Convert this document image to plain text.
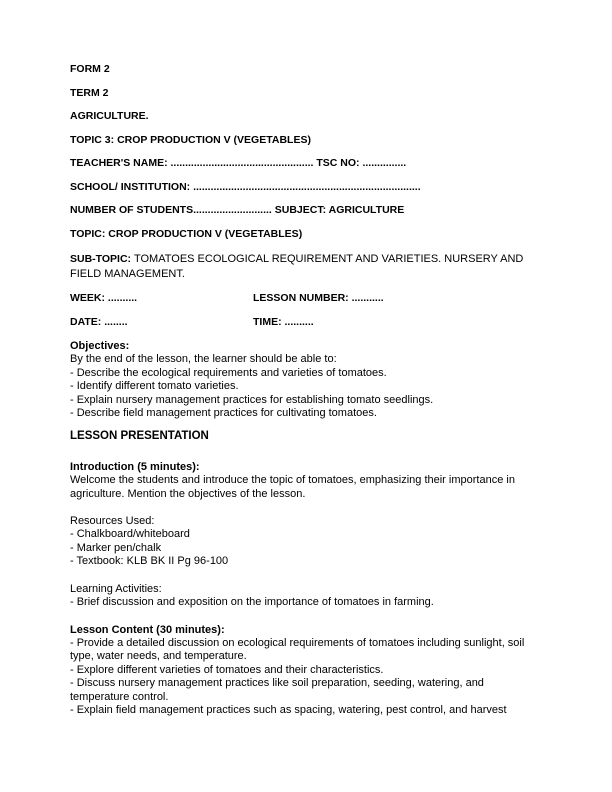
FORM 2

TERM 2

AGRICULTURE.

TOPIC 3: CROP PRODUCTION V (VEGETABLES)

TEACHER'S NAME: ................................................. TSC NO: ...............

SCHOOL/ INSTITUTION: ..............................................................................

NUMBER OF STUDENTS........................... SUBJECT: AGRICULTURE

TOPIC: CROP PRODUCTION V (VEGETABLES)

SUB-TOPIC: TOMATOES ECOLOGICAL REQUIREMENT AND VARIETIES. NURSERY AND FIELD MANAGEMENT.

WEEK: ..........	LESSON NUMBER: ...........

DATE: ........	TIME: ..........

Objectives:

By the end of the lesson, the learner should be able to:

- Describe the ecological requirements and varieties of tomatoes.

- Identify different tomato varieties.

- Explain nursery management practices for establishing tomato seedlings.

- Describe field management practices for cultivating tomatoes.

LESSON PRESENTATION

Introduction (5 minutes):

Welcome the students and introduce the topic of tomatoes, emphasizing their importance in agriculture. Mention the objectives of the lesson.

Resources Used:

- Chalkboard/whiteboard

- Marker pen/chalk

- Textbook: KLB BK II Pg 96-100

Learning Activities:

- Brief discussion and exposition on the importance of tomatoes in farming.

Lesson Content (30 minutes):

- Provide a detailed discussion on ecological requirements of tomatoes including sunlight, soil type, water needs, and temperature.

- Explore different varieties of tomatoes and their characteristics.

- Discuss nursery management practices like soil preparation, seeding, watering, and temperature control.

- Explain field management practices such as spacing, watering, pest control, and harvest
